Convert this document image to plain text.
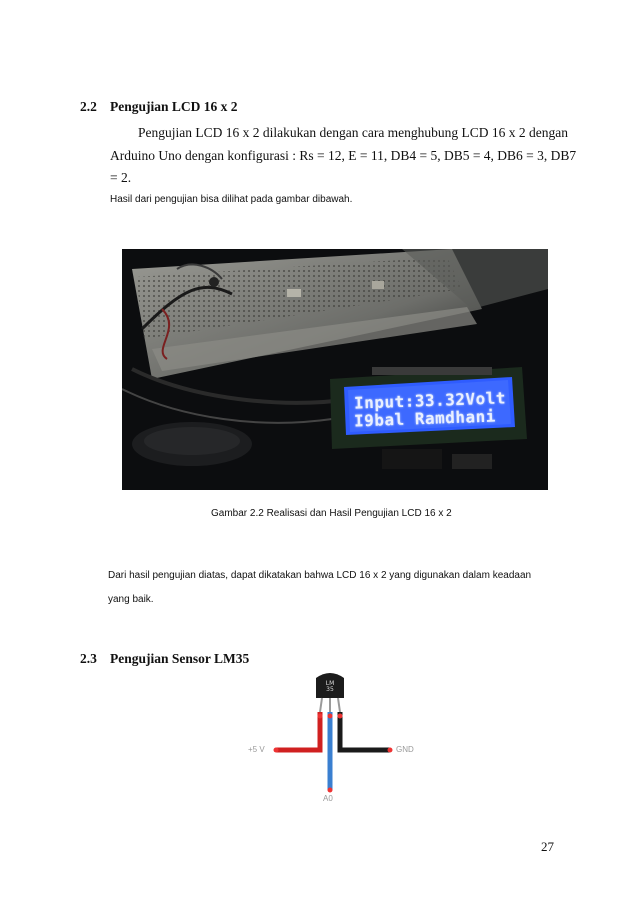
2.2 Pengujian LCD 16 x 2
Pengujian LCD 16 x 2 dilakukan dengan cara menghubung LCD 16 x 2 dengan
Arduino Uno dengan konfigurasi : Rs = 12, E = 11, DB4 = 5, DB5 = 4, DB6 = 3, DB7
= 2.
Hasil dari pengujian bisa dilihat pada gambar dibawah.
Input:33.32Volt
I9bal Ramdhani
Gambar 2.2 Realisasi dan Hasil Pengujian LCD 16 x 2
Dari hasil pengujian diatas, dapat dikatakan bahwa LCD 16 x 2 yang digunakan dalam keadaan
yang baik.
2.3 Pengujian Sensor LM35
LM 35
+5 V	GND
A0
27
